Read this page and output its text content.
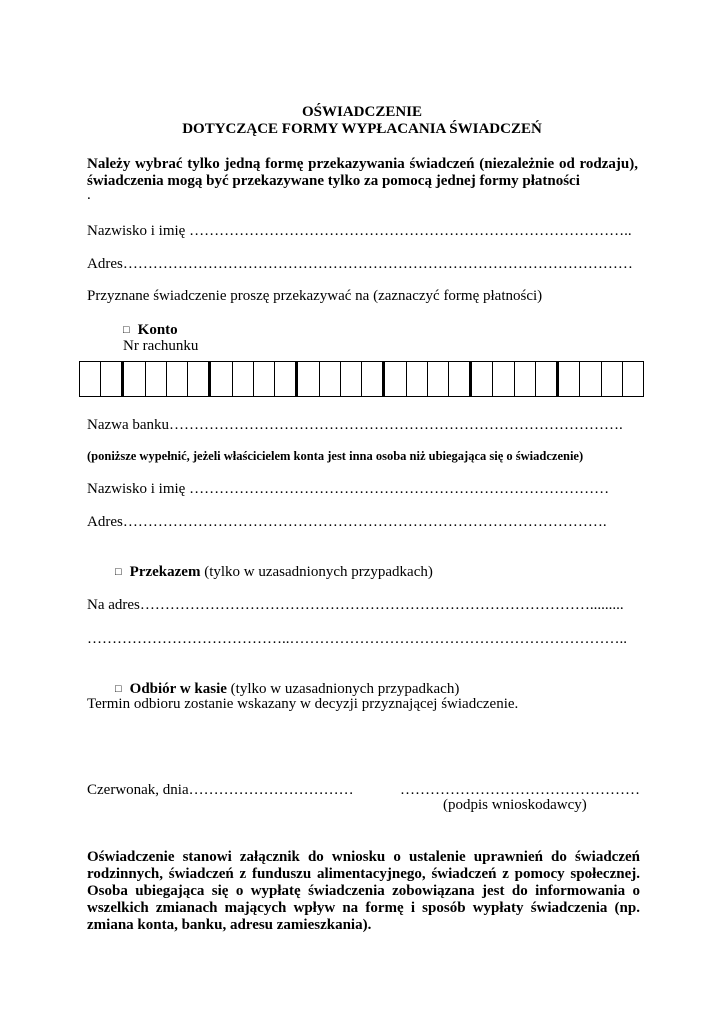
OŚWIADCZENIE
DOTYCZĄCE FORMY WYPŁACANIA ŚWIADCZEŃ
Należy wybrać tylko jedną formę przekazywania świadczeń (niezależnie od rodzaju),
świadczenia mogą być przekazywane tylko za pomocą jednej formy płatności
.
Nazwisko i imię ……………………………………………………………………………..
Adres…………………………………………………………………………………………
Przyznane świadczenie proszę przekazywać na (zaznaczyć formę płatności)
□ Konto
Nr rachunku
Nazwa banku……………………………………………………………………………….
(poniższe wypełnić, jeżeli właścicielem konta jest inna osoba niż ubiegająca się o świadczenie)
Nazwisko i imię …………………………………………………………………………
Adres…………………………………………………………………………………….
□ Przekazem (tylko w uzasadnionych przypadkach)
Na adres……………………………………………………………………………….........
…………………………………..…………………………………………………………..
□ Odbiór w kasie (tylko w uzasadnionych przypadkach)
Termin odbioru zostanie wskazany w decyzji przyznającej świadczenie.
Czerwonak, dnia……………………………	…………………………………………
(podpis wnioskodawcy)
Oświadczenie stanowi załącznik do wniosku o ustalenie uprawnień do świadczeń rodzinnych, świadczeń z funduszu alimentacyjnego, świadczeń z pomocy społecznej. Osoba ubiegająca się o wypłatę świadczenia zobowiązana jest do informowania o wszelkich zmianach mających wpływ na formę i sposób wypłaty świadczenia (np. zmiana konta, banku, adresu zamieszkania).
